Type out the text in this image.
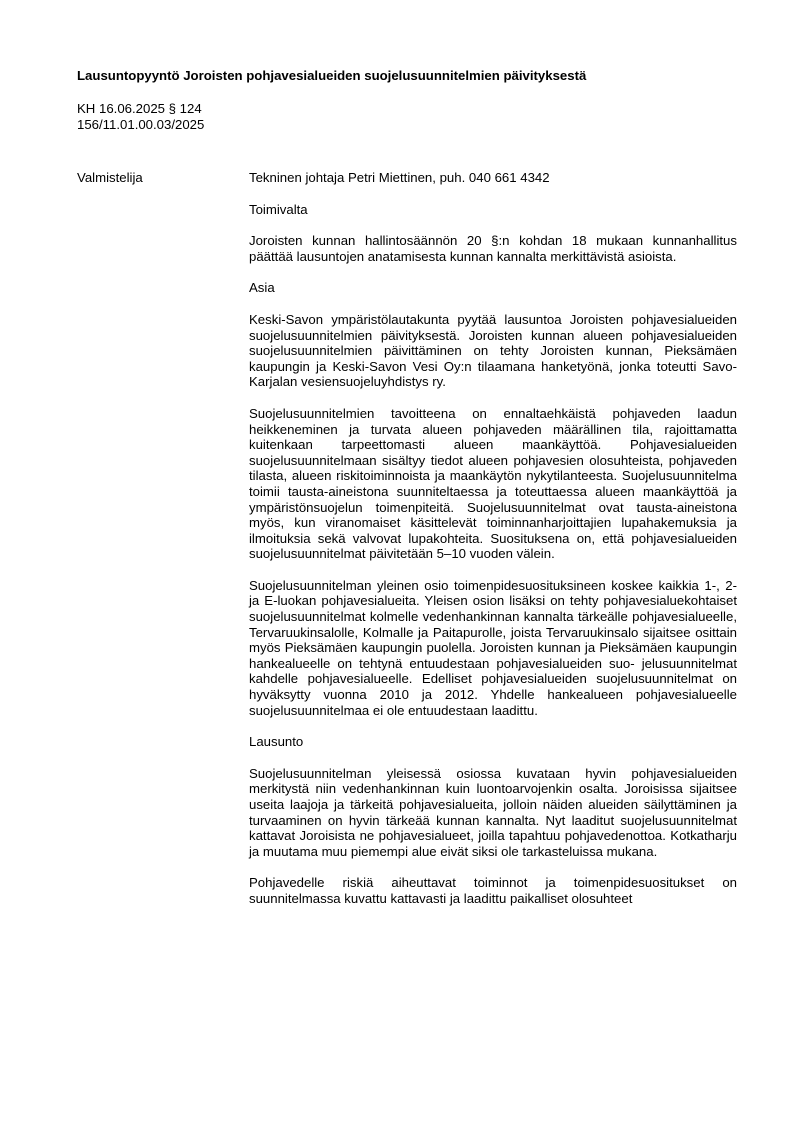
Lausuntopyyntö Joroisten pohjavesialueiden suojelusuunnitelmien päivityksestä
KH 16.06.2025 § 124
156/11.01.00.03/2025
Valmistelija	Tekninen johtaja Petri Miettinen, puh. 040 661 4342

Toimivalta

Joroisten kunnan hallintosäännön 20 §:n kohdan 18 mukaan kunnanhallitus päättää lausuntojen anatamisesta kunnan kannalta merkittävistä asioista.

Asia

Keski-Savon ympäristölautakunta pyytää lausuntoa Joroisten pohjavesialueiden suojelusuunnitelmien päivityksestä. Joroisten kunnan alueen pohjavesialueiden suojelusuunnitelmien päivittäminen on tehty Joroisten kunnan, Pieksämäen kaupungin ja Keski-Savon Vesi Oy:n tilaamana hanketyönä, jonka toteutti Savo- Karjalan vesiensuojeluyhdistys ry.

Suojelusuunnitelmien tavoitteena on ennaltaehkäistä pohjaveden laadun heikkeneminen ja turvata alueen pohjaveden määrällinen tila, rajoittamatta kuitenkaan tarpeettomasti alueen maankäyttöä. Pohjavesialueiden suojelusuunnitelmaan sisältyy tiedot alueen pohjavesien olosuhteista, pohjaveden tilasta, alueen riskitoiminnoista ja maankäytön nykytilanteesta. Suojelusuunnitelma toimii tausta-aineistona suunniteltaessa ja toteuttaessa alueen maankäyttöä ja ympäristönsuojelun toimenpiteitä. Suojelusuunnitelmat ovat tausta-aineistona myös, kun viranomaiset käsittelevät toiminnanharjoittajien lupahakemuksia ja ilmoituksia sekä valvovat lupakohteita. Suosituksena on, että pohjavesialueiden suojelusuunnitelmat päivitetään 5–10 vuoden välein.

Suojelusuunnitelman yleinen osio toimenpidesuosituksineen koskee kaikkia 1-, 2- ja E-luokan pohjavesialueita. Yleisen osion lisäksi on tehty pohjavesialuekohtaiset suojelusuunnitelmat kolmelle vedenhankinnan kannalta tärkeälle pohjavesialueelle, Tervaruukinsalolle, Kolmalle ja Paitapurolle, joista Tervaruukinsalo sijaitsee osittain myös Pieksämäen kaupungin puolella. Joroisten kunnan ja Pieksämäen kaupungin hankealueelle on tehtynä entuudestaan pohjavesialueiden suo- jelusuunnitelmat kahdelle pohjavesialueelle. Edelliset pohjavesialueiden suojelusuunnitelmat on hyväksytty vuonna 2010 ja 2012. Yhdelle hankealueen pohjavesialueelle suojelusuunnitelmaa ei ole entuudestaan laadittu.

Lausunto

Suojelusuunnitelman yleisessä osiossa kuvataan hyvin pohjavesialueiden merkitystä niin vedenhankinnan kuin luontoarvojenkin osalta. Joroisissa sijaitsee useita laajoja ja tärkeitä pohjavesialueita, jolloin näiden alueiden säilyttäminen ja turvaaminen on hyvin tärkeää kunnan kannalta. Nyt laaditut suojelusuunnitelmat kattavat Joroisista ne pohjavesialueet, joilla tapahtuu pohjavedenottoa. Kotkatharju ja muutama muu piemempi alue eivät siksi ole tarkasteluissa mukana.

Pohjavedelle riskiä aiheuttavat toiminnot ja toimenpidesuositukset on suunnitelmassa kuvattu kattavasti ja laadittu paikalliset olosuhteet
